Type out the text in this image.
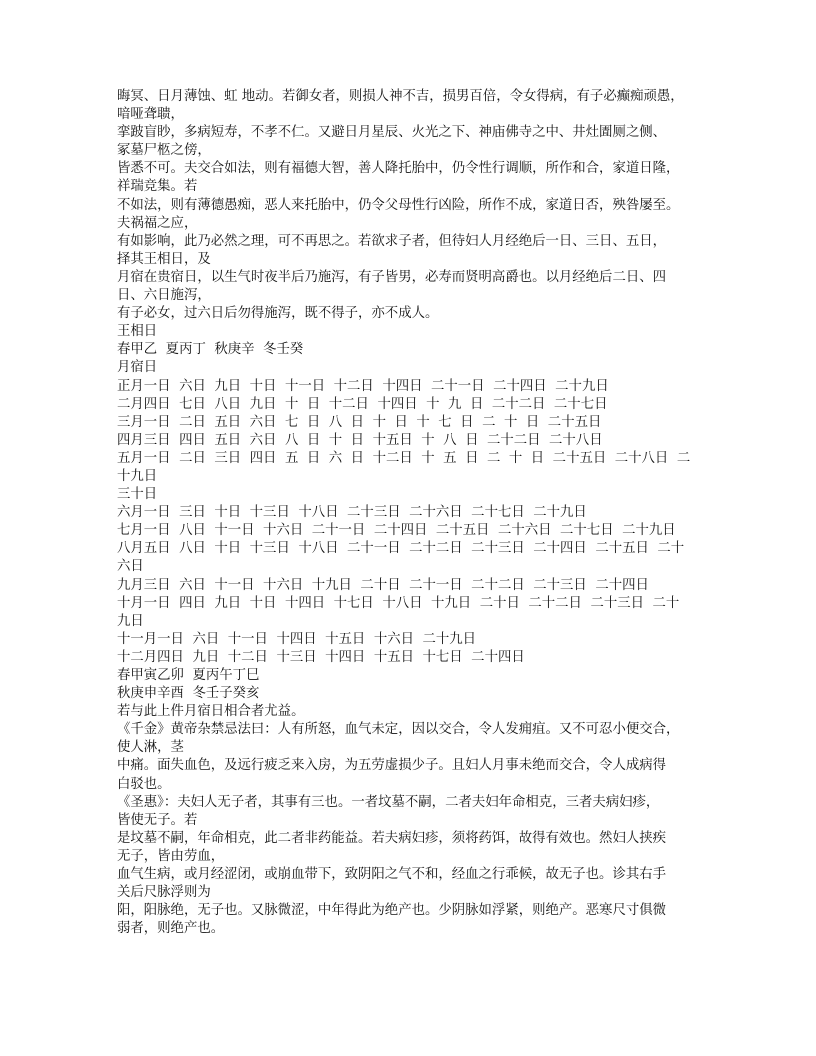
晦冥、日月薄蚀、虹 地动。若御女者，则损人神不吉，损男百倍，令女得病，有子必癫痴顽愚，
喑哑聋聩，
挛跛盲眇，多病短寿，不孝不仁。又避日月星辰、火光之下、神庙佛寺之中、井灶圊厕之侧、
冢墓尸柩之傍，
皆悉不可。夫交合如法，则有福德大智，善人降托胎中，仍令性行调顺，所作和合，家道日隆，
祥瑞竞集。若
不如法，则有薄德愚痴，恶人来托胎中，仍令父母性行凶险，所作不成，家道日否，殃咎屡至。
夫祸福之应，
有如影响，此乃必然之理，可不再思之。若欲求子者，但待妇人月经绝后一日、三日、五日，
择其王相日，及
月宿在贵宿日，以生气时夜半后乃施泻，有子皆男，必寿而贤明高爵也。以月经绝后二日、四
日、六日施泻，
有子必女，过六日后勿得施泻，既不得子，亦不成人。
王相日
春甲乙  夏丙丁  秋庚辛  冬壬癸
月宿日
正月一日  六日  九日  十日  十一日  十二日  十四日  二十一日  二十四日  二十九日
二月四日  七日  八日  九日  十  日  十二日  十四日  十  九  日  二十二日  二十七日
三月一日  二日  五日  六日  七  日  八  日  十  日  十  七  日  二  十  日  二十五日
四月三日  四日  五日  六日  八  日  十  日  十五日  十  八  日  二十二日  二十八日
五月一日  二日  三日  四日  五  日  六  日  十二日  十  五  日  二  十  日  二十五日  二十八日  二
十九日
三十日
六月一日  三日  十日  十三日  十八日  二十三日  二十六日  二十七日  二十九日
七月一日  八日  十一日  十六日  二十一日  二十四日  二十五日  二十六日  二十七日  二十九日
八月五日  八日  十日  十三日  十八日  二十一日  二十二日  二十三日  二十四日  二十五日  二十
六日
九月三日  六日  十一日  十六日  十九日  二十日  二十一日  二十二日  二十三日  二十四日
十月一日  四日  九日  十日  十四日  十七日  十八日  十九日  二十日  二十二日  二十三日  二十
九日
十一月一日  六日  十一日  十四日  十五日  十六日  二十九日
十二月四日  九日  十二日  十三日  十四日  十五日  十七日  二十四日
春甲寅乙卯  夏丙午丁巳
秋庚申辛酉  冬壬子癸亥
若与此上件月宿日相合者尤益。
《千金》黄帝杂禁忌法曰：人有所怒，血气未定，因以交合，令人发痈疽。又不可忍小便交合，
使人淋，茎
中痛。面失血色，及远行疲乏来入房，为五劳虚损少子。且妇人月事未绝而交合，令人成病得
白驳也。
《圣惠》：夫妇人无子者，其事有三也。一者坟墓不嗣，二者夫妇年命相克，三者夫病妇疹，
皆使无子。若
是坟墓不嗣，年命相克，此二者非药能益。若夫病妇疹，须将药饵，故得有效也。然妇人挟疾
无子，皆由劳血，
血气生病，或月经涩闭，或崩血带下，致阴阳之气不和，经血之行乖候，故无子也。诊其右手
关后尺脉浮则为
阳，阳脉绝，无子也。又脉微涩，中年得此为绝产也。少阴脉如浮紧，则绝产。恶寒尺寸俱微
弱者，则绝产也。
